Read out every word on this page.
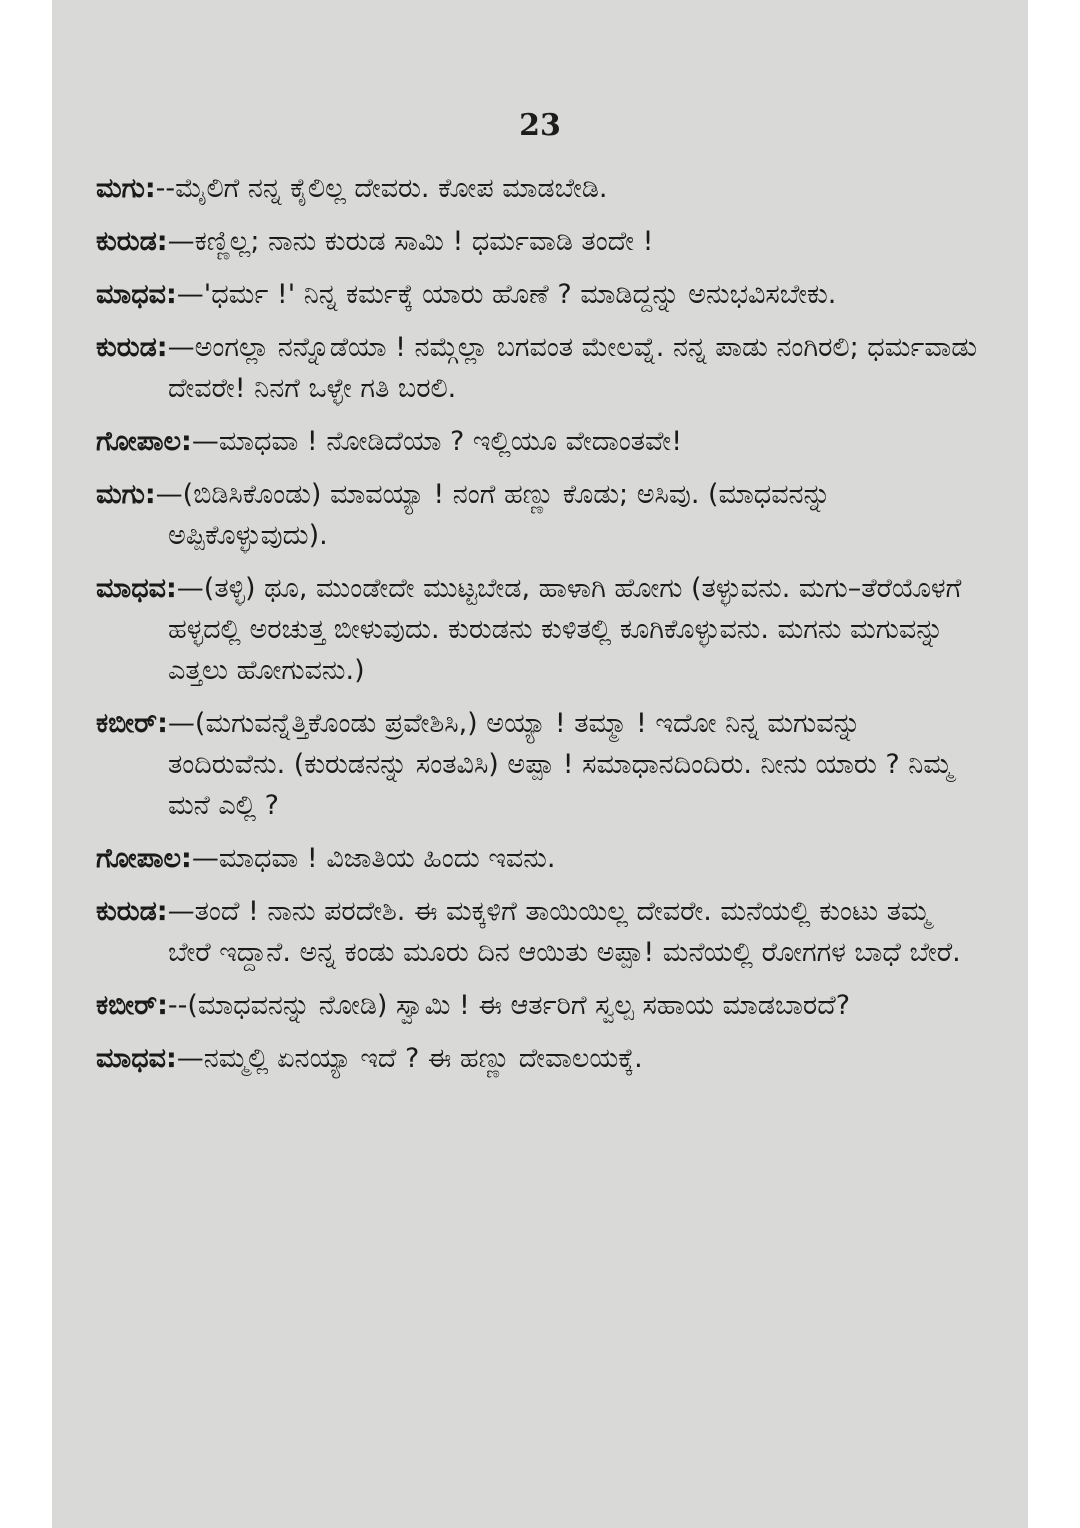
23

ಮಗು:--ಮೈಲಿಗೆ ನನ್ನ ಕೈಲಿಲ್ಲ ದೇವರು. ಕೋಪ ಮಾಡಬೇಡಿ.

ಕುರುಡ:—ಕಣ್ಣಿಲ್ಲ; ನಾನು ಕುರುಡ ಸಾಮಿ ! ಧರ್ಮವಾಡಿ ತಂದೇ !

ಮಾಧವ:—'ಧರ್ಮ !' ನಿನ್ನ ಕರ್ಮಕ್ಕೆ ಯಾರು ಹೊಣೆ ? ಮಾಡಿದ್ದನ್ನು ಅನುಭವಿಸಬೇಕು.

ಕುರುಡ:—ಅಂಗಲ್ಲಾ ನನ್ನೊಡೆಯಾ ! ನಮ್ಗೆಲ್ಲಾ ಬಗವಂತ ಮೇಲವ್ನೆ. ನನ್ನ ಪಾಡು ನಂಗಿರಲಿ; ಧರ್ಮವಾಡು ದೇವರೇ! ನಿನಗೆ ಒಳ್ಳೇ ಗತಿ ಬರಲಿ.

ಗೋಪಾಲ:—ಮಾಧವಾ ! ನೋಡಿದೆಯಾ ? ಇಲ್ಲಿಯೂ ವೇದಾಂತವೇ!

ಮಗು:—(ಬಿಡಿಸಿಕೊಂಡು) ಮಾವಯ್ಯಾ ! ನಂಗೆ ಹಣ್ಣು ಕೊಡು; ಅಸಿವು. (ಮಾಧವನನ್ನು ಅಪ್ಪಿಕೊಳ್ಳುವುದು).

ಮಾಧವ:—(ತಳ್ಳಿ) ಥೂ, ಮುಂಡೇದೇ ಮುಟ್ಟಬೇಡ, ಹಾಳಾಗಿ ಹೋಗು (ತಳ್ಳುವನು. ಮಗು–ತೆರೆಯೊಳಗೆ ಹಳ್ಳದಲ್ಲಿ ಅರಚುತ್ತ ಬೀಳುವುದು. ಕುರುಡನು ಕುಳಿತಲ್ಲಿ ಕೂಗಿಕೊಳ್ಳುವನು. ಮಗನು ಮಗುವನ್ನು ಎತ್ತಲು ಹೋಗುವನು.)

ಕಬೀರ್:—(ಮಗುವನ್ನೆತ್ತಿಕೊಂಡು ಪ್ರವೇಶಿಸಿ,) ಅಯ್ಯಾ ! ತಮ್ಮಾ ! ಇದೋ ನಿನ್ನ ಮಗುವನ್ನು ತಂದಿರುವೆನು. (ಕುರುಡನನ್ನು ಸಂತವಿಸಿ) ಅಪ್ಪಾ ! ಸಮಾಧಾನದಿಂದಿರು. ನೀನು ಯಾರು ? ನಿಮ್ಮ ಮನೆ ಎಲ್ಲಿ ?

ಗೋಪಾಲ:—ಮಾಧವಾ ! ವಿಜಾತಿಯ ಹಿಂದು ಇವನು.

ಕುರುಡ:—ತಂದೆ ! ನಾನು ಪರದೇಶಿ. ಈ ಮಕ್ಕಳಿಗೆ ತಾಯಿಯಿಲ್ಲ ದೇವರೇ. ಮನೆಯಲ್ಲಿ ಕುಂಟು ತಮ್ಮ ಬೇರೆ ಇದ್ದಾನೆ. ಅನ್ನ ಕಂಡು ಮೂರು ದಿನ ಆಯಿತು ಅಪ್ಪಾ! ಮನೆಯಲ್ಲಿ ರೋಗಗಳ ಬಾಧೆ ಬೇರೆ.

ಕಬೀರ್:--(ಮಾಧವನನ್ನು ನೋಡಿ) ಸ್ವಾಮಿ ! ಈ ಆರ್ತರಿಗೆ ಸ್ವಲ್ಪ ಸಹಾಯ ಮಾಡಬಾರದೆ?

ಮಾಧವ:—ನಮ್ಮಲ್ಲಿ ಏನಯ್ಯಾ ಇದೆ ? ಈ ಹಣ್ಣು ದೇವಾಲಯಕ್ಕೆ.
